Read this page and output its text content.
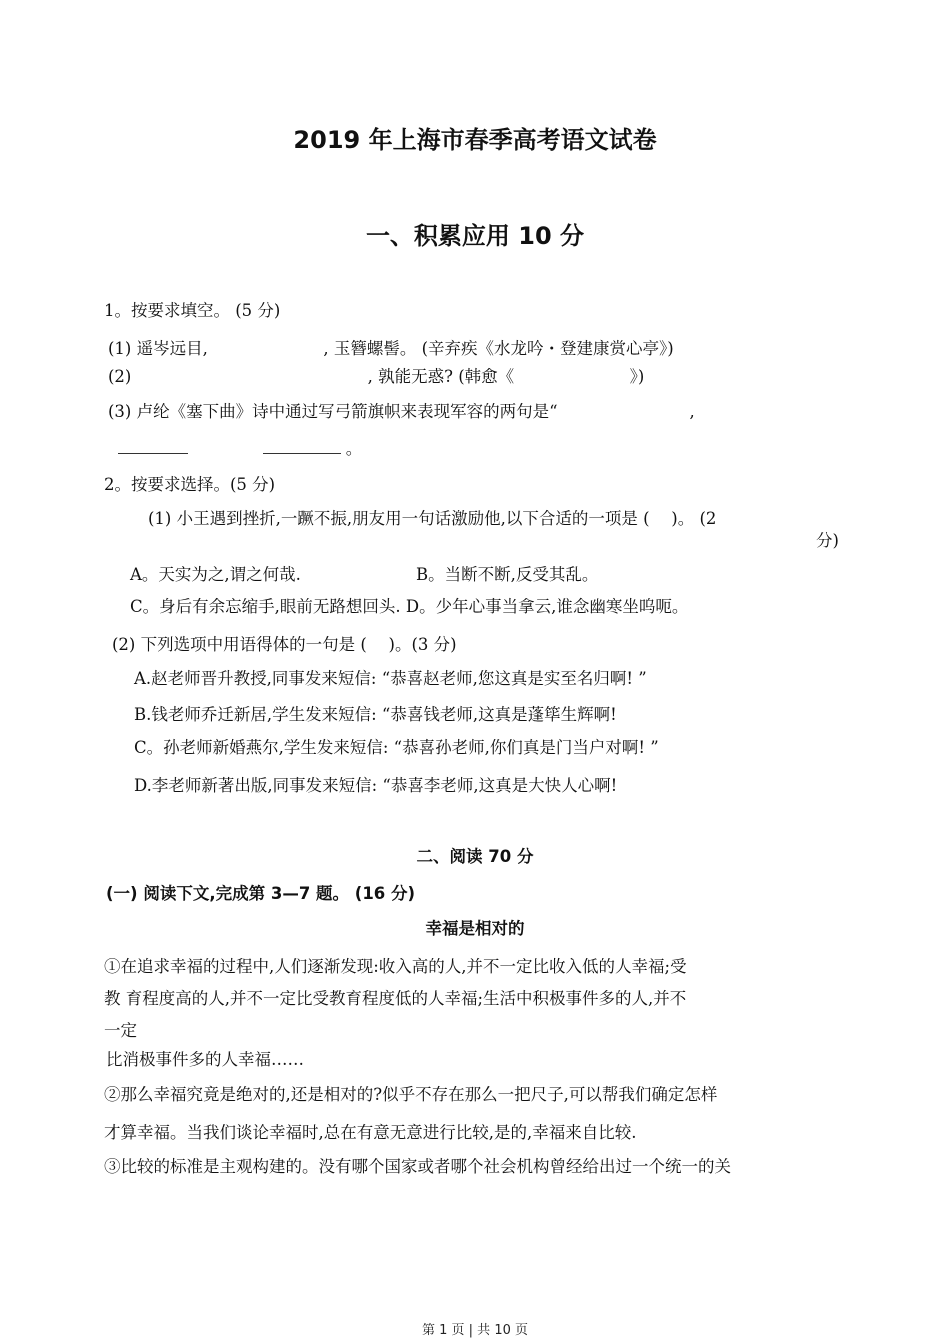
2019 年上海市春季高考语文试卷
一、积累应用 10 分
1。按要求填空。 (5 分)
(1) 遥岑远目,　　　　　　　, 玉簪螺髻。 (辛弃疾《水龙吟・登建康赏心亭》)
(2)　　　　　　　　　　　　　　 , 孰能无惑? (韩愈《　　　　　　　》)
(3) 卢纶《塞下曲》诗中通过写弓箭旗帜来表现军容的两句是“　　　　　　　　,
。
2。按要求选择。(5 分)
(1) 小王遇到挫折,一蹶不振,朋友用一句话激励他,以下合适的一项是 (　 )。 (2
分)
A。天实为之,谓之何哉.	B。当断不断,反受其乱。
C。身后有余忘缩手,眼前无路想回头. D。少年心事当拿云,谁念幽寒坐呜呃。
(2) 下列选项中用语得体的一句是 (　 )。(3 分)
A.赵老师晋升教授,同事发来短信: “恭喜赵老师,您这真是实至名归啊! ”
B.钱老师乔迁新居,学生发来短信: “恭喜钱老师,这真是蓬筚生辉啊!
C。孙老师新婚燕尔,学生发来短信: “恭喜孙老师,你们真是门当户对啊! ”
D.李老师新著出版,同事发来短信: “恭喜李老师,这真是大快人心啊!
二、阅读 70 分
(一) 阅读下文,完成第 3—7 题。 (16 分)
幸福是相对的
①在追求幸福的过程中,人们逐渐发现:收入高的人,并不一定比收入低的人幸福;受
教 育程度高的人,并不一定比受教育程度低的人幸福;生活中积极事件多的人,并不
一定
比消极事件多的人幸福……
②那么幸福究竟是绝对的,还是相对的?似乎不存在那么一把尺子,可以帮我们确定怎样
才算幸福。当我们谈论幸福时,总在有意无意进行比较,是的,幸福来自比较.
③比较的标准是主观构建的。没有哪个国家或者哪个社会机构曾经给出过一个统一的关
第 1 页 | 共 10 页
